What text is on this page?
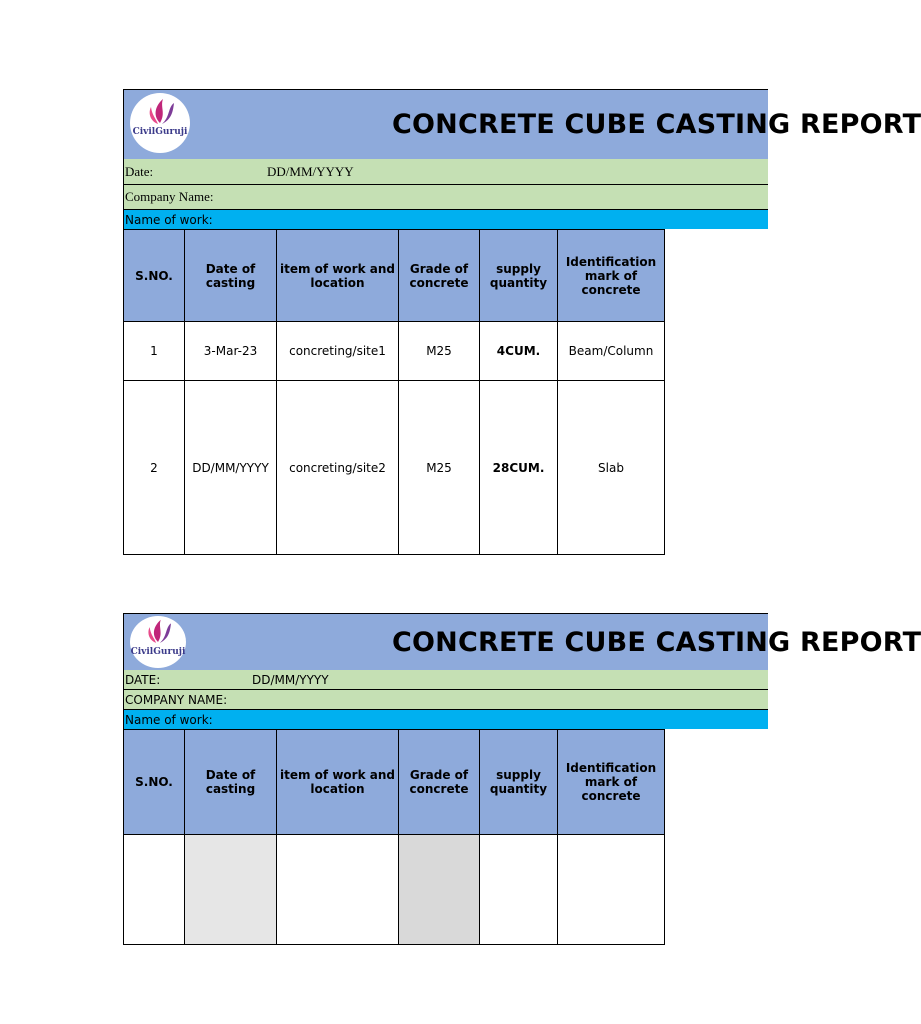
CivilGuruji	CONCRETE CUBE CASTING REPORT
Date:	DD/MM/YYYY
Company Name:
Name of work:
S.NO.	Date of casting	item of work and location	Grade of concrete	supply quantity	Identification mark of concrete
1	3-Mar-23	concreting/site1	M25	4CUM.	Beam/Column
2	DD/MM/YYYY	concreting/site2	M25	28CUM.	Slab
CivilGuruji	CONCRETE CUBE CASTING REPORT
DATE:	DD/MM/YYYY
COMPANY NAME:
Name of work:
S.NO.	Date of casting	item of work and location	Grade of concrete	supply quantity	Identification mark of concrete
